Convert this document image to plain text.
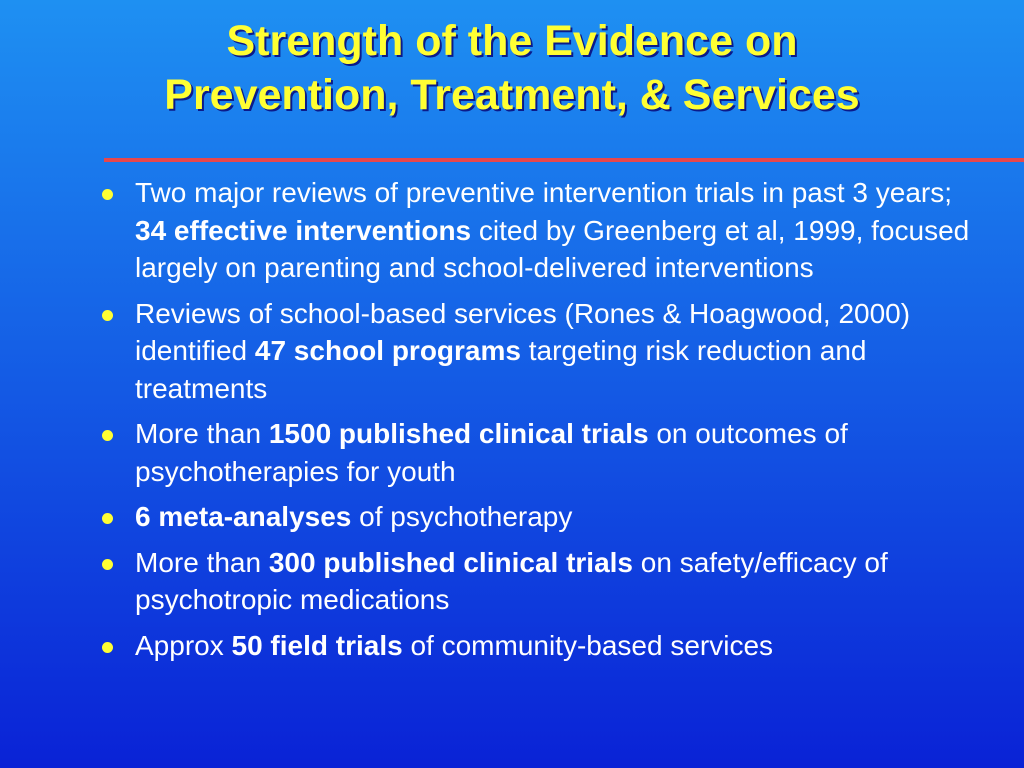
Strength of the Evidence on
Prevention, Treatment, & Services
Two major reviews of preventive intervention trials in past 3 years; 34 effective interventions cited by Greenberg et al, 1999, focused largely on parenting and school-delivered interventions
Reviews of school-based services (Rones & Hoagwood, 2000) identified 47 school programs targeting risk reduction and treatments
More than 1500 published clinical trials on outcomes of psychotherapies for youth
6 meta-analyses of psychotherapy
More than 300 published clinical trials on safety/efficacy of psychotropic medications
Approx 50 field trials of community-based services
